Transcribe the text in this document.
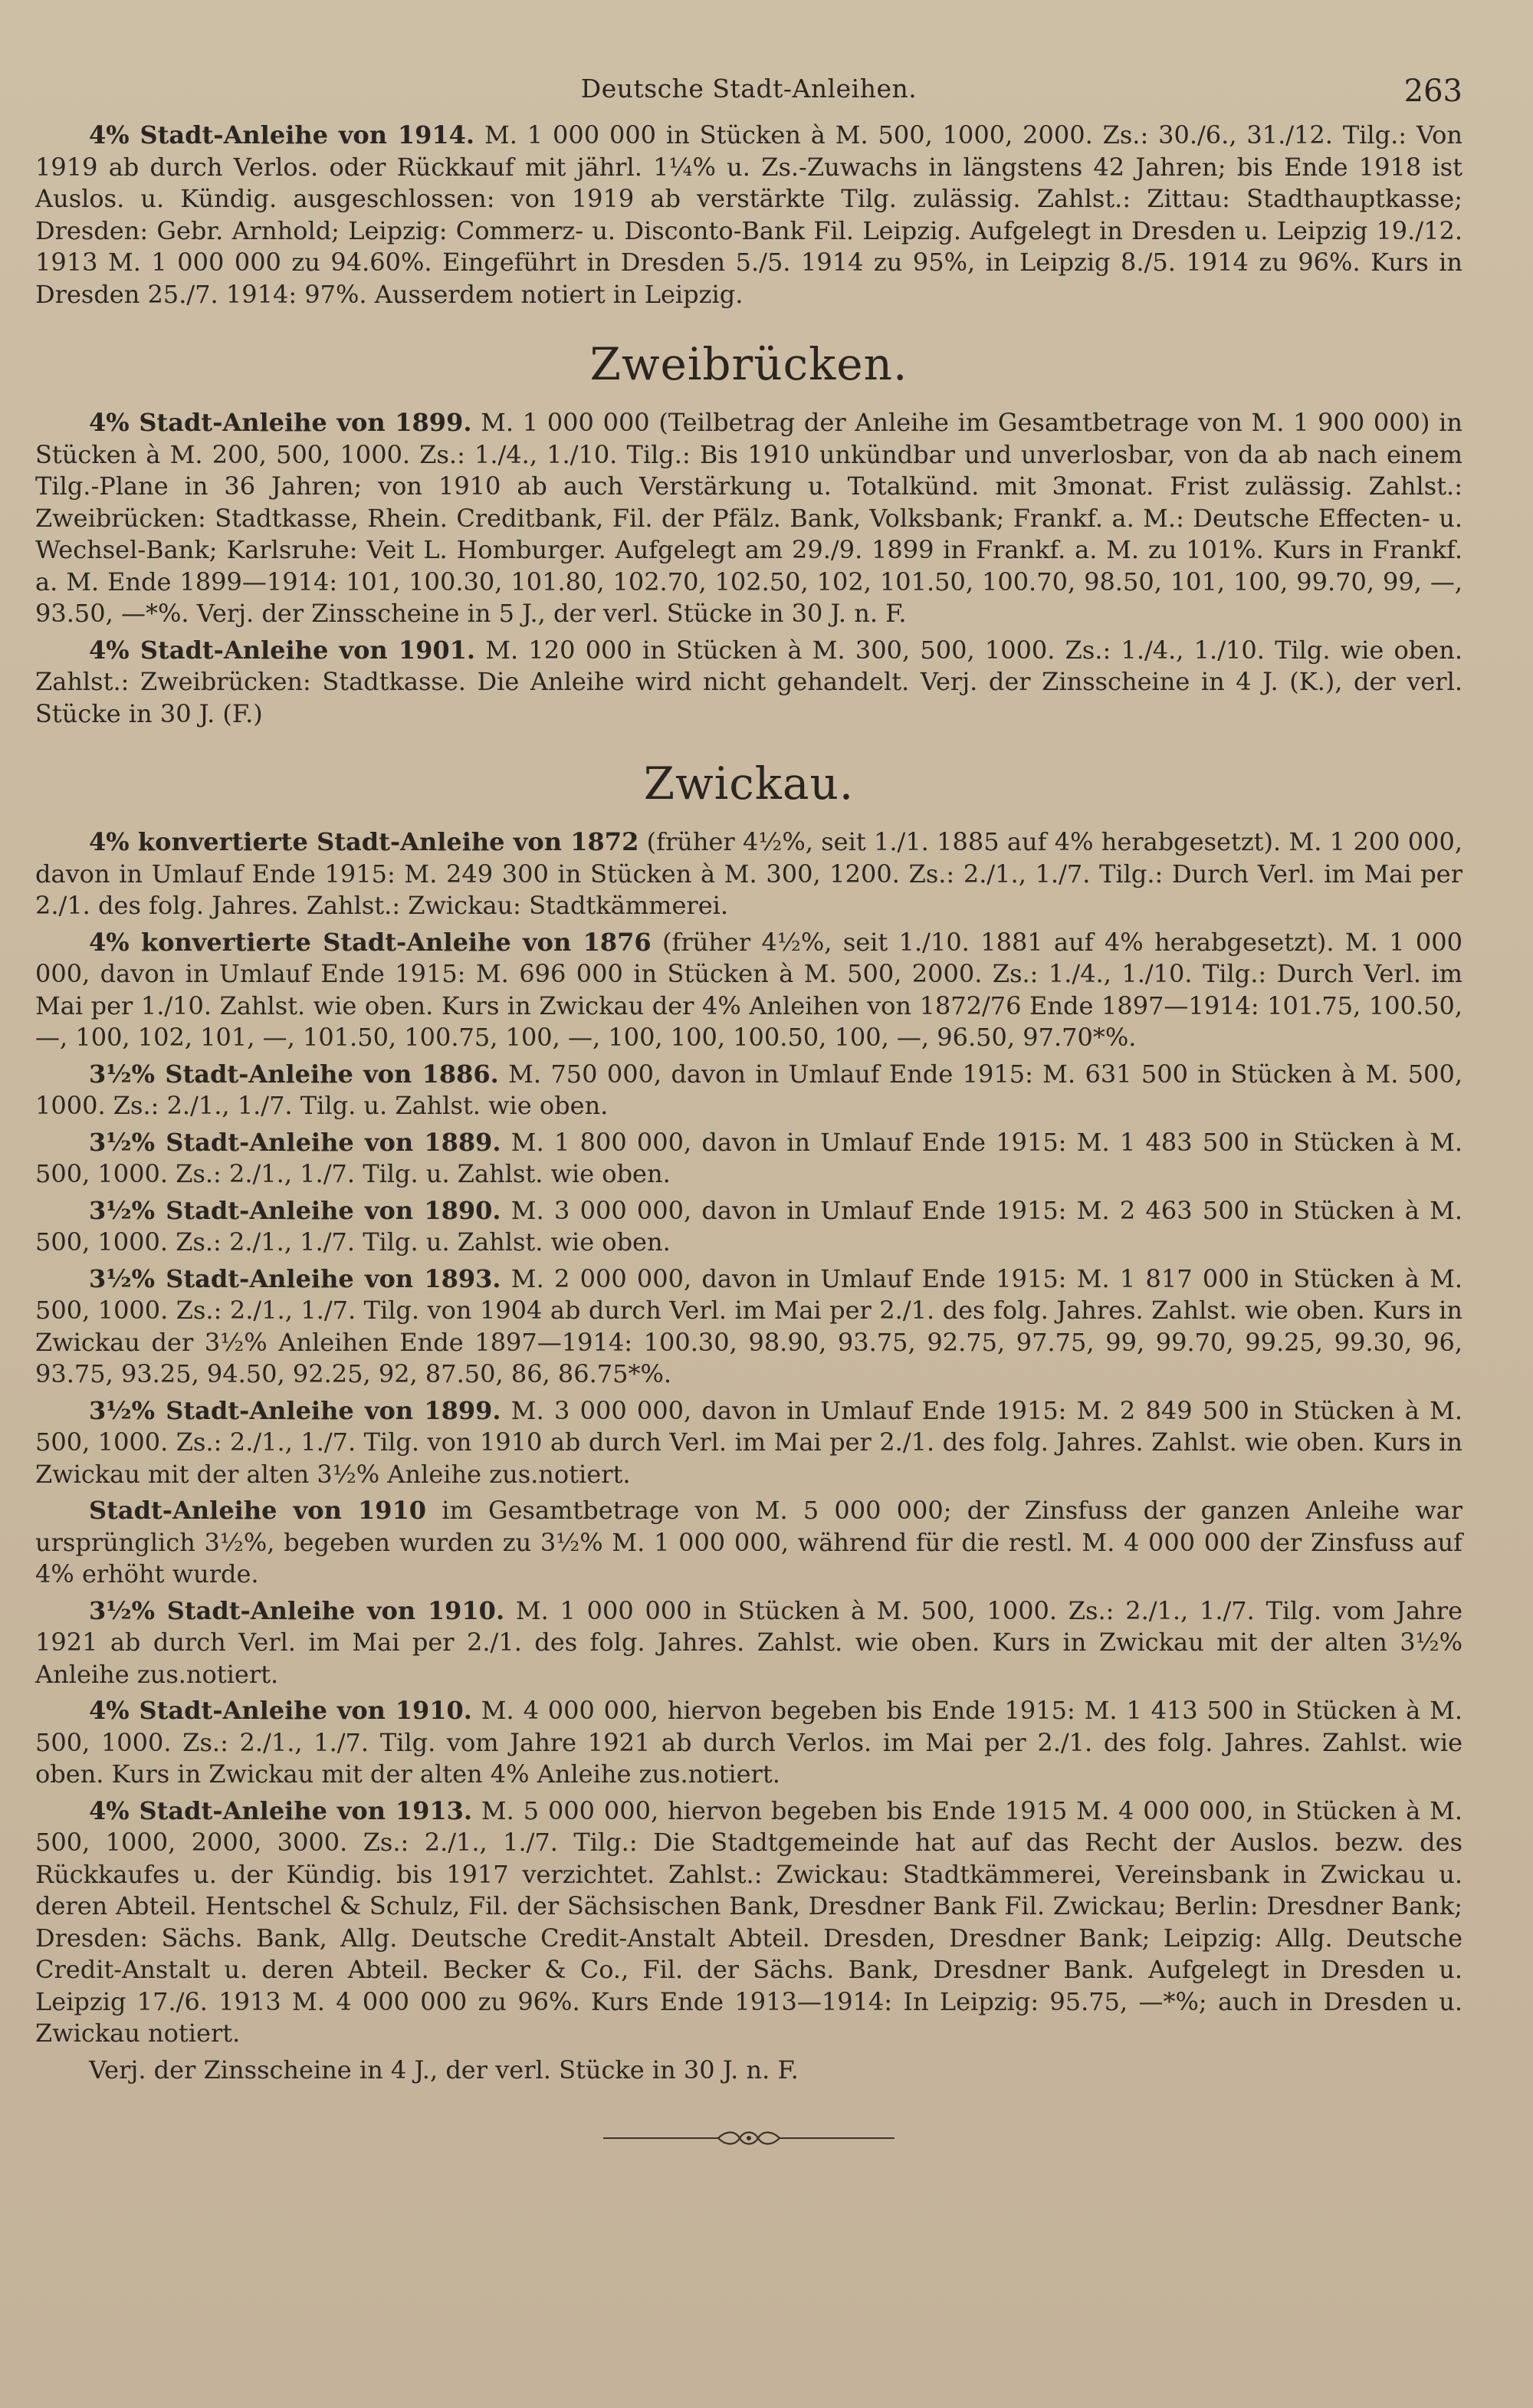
Deutsche Stadt-Anleihen.	263

4% Stadt-Anleihe von 1914. M. 1 000 000 in Stücken à M. 500, 1000, 2000. Zs.: 30./6., 31./12. Tilg.: Von 1919 ab durch Verlos. oder Rückkauf mit jährl. 1¼% u. Zs.-Zuwachs in längstens 42 Jahren; bis Ende 1918 ist Auslos. u. Kündig. ausgeschlossen: von 1919 ab verstärkte Tilg. zulässig. Zahlst.: Zittau: Stadthauptkasse; Dresden: Gebr. Arnhold; Leipzig: Commerz- u. Disconto-Bank Fil. Leipzig. Aufgelegt in Dresden u. Leipzig 19./12. 1913 M. 1 000 000 zu 94.60%. Eingeführt in Dresden 5./5. 1914 zu 95%, in Leipzig 8./5. 1914 zu 96%. Kurs in Dresden 25./7. 1914: 97%. Ausserdem notiert in Leipzig.

Zweibrücken.

4% Stadt-Anleihe von 1899. M. 1 000 000 (Teilbetrag der Anleihe im Gesamtbetrage von M. 1 900 000) in Stücken à M. 200, 500, 1000. Zs.: 1./4., 1./10. Tilg.: Bis 1910 unkündbar und unverlosbar, von da ab nach einem Tilg.-Plane in 36 Jahren; von 1910 ab auch Verstärkung u. Totalkünd. mit 3monat. Frist zulässig. Zahlst.: Zweibrücken: Stadtkasse, Rhein. Creditbank, Fil. der Pfälz. Bank, Volksbank; Frankf. a. M.: Deutsche Effecten- u. Wechsel-Bank; Karlsruhe: Veit L. Homburger. Aufgelegt am 29./9. 1899 in Frankf. a. M. zu 101%. Kurs in Frankf. a. M. Ende 1899—1914: 101, 100.30, 101.80, 102.70, 102.50, 102, 101.50, 100.70, 98.50, 101, 100, 99.70, 99, —, 93.50, —*%. Verj. der Zinsscheine in 5 J., der verl. Stücke in 30 J. n. F.

4% Stadt-Anleihe von 1901. M. 120 000 in Stücken à M. 300, 500, 1000. Zs.: 1./4., 1./10. Tilg. wie oben. Zahlst.: Zweibrücken: Stadtkasse. Die Anleihe wird nicht gehandelt. Verj. der Zinsscheine in 4 J. (K.), der verl. Stücke in 30 J. (F.)

Zwickau.

4% konvertierte Stadt-Anleihe von 1872 (früher 4½%, seit 1./1. 1885 auf 4% herabgesetzt). M. 1 200 000, davon in Umlauf Ende 1915: M. 249 300 in Stücken à M. 300, 1200. Zs.: 2./1., 1./7. Tilg.: Durch Verl. im Mai per 2./1. des folg. Jahres. Zahlst.: Zwickau: Stadtkämmerei.

4% konvertierte Stadt-Anleihe von 1876 (früher 4½%, seit 1./10. 1881 auf 4% herabgesetzt). M. 1 000 000, davon in Umlauf Ende 1915: M. 696 000 in Stücken à M. 500, 2000. Zs.: 1./4., 1./10. Tilg.: Durch Verl. im Mai per 1./10. Zahlst. wie oben. Kurs in Zwickau der 4% Anleihen von 1872/76 Ende 1897—1914: 101.75, 100.50, —, 100, 102, 101, —, 101.50, 100.75, 100, —, 100, 100, 100.50, 100, —, 96.50, 97.70*%.

3½% Stadt-Anleihe von 1886. M. 750 000, davon in Umlauf Ende 1915: M. 631 500 in Stücken à M. 500, 1000. Zs.: 2./1., 1./7. Tilg. u. Zahlst. wie oben.

3½% Stadt-Anleihe von 1889. M. 1 800 000, davon in Umlauf Ende 1915: M. 1 483 500 in Stücken à M. 500, 1000. Zs.: 2./1., 1./7. Tilg. u. Zahlst. wie oben.

3½% Stadt-Anleihe von 1890. M. 3 000 000, davon in Umlauf Ende 1915: M. 2 463 500 in Stücken à M. 500, 1000. Zs.: 2./1., 1./7. Tilg. u. Zahlst. wie oben.

3½% Stadt-Anleihe von 1893. M. 2 000 000, davon in Umlauf Ende 1915: M. 1 817 000 in Stücken à M. 500, 1000. Zs.: 2./1., 1./7. Tilg. von 1904 ab durch Verl. im Mai per 2./1. des folg. Jahres. Zahlst. wie oben. Kurs in Zwickau der 3½% Anleihen Ende 1897—1914: 100.30, 98.90, 93.75, 92.75, 97.75, 99, 99.70, 99.25, 99.30, 96, 93.75, 93.25, 94.50, 92.25, 92, 87.50, 86, 86.75*%.

3½% Stadt-Anleihe von 1899. M. 3 000 000, davon in Umlauf Ende 1915: M. 2 849 500 in Stücken à M. 500, 1000. Zs.: 2./1., 1./7. Tilg. von 1910 ab durch Verl. im Mai per 2./1. des folg. Jahres. Zahlst. wie oben. Kurs in Zwickau mit der alten 3½% Anleihe zus.notiert.

Stadt-Anleihe von 1910 im Gesamtbetrage von M. 5 000 000; der Zinsfuss der ganzen Anleihe war ursprünglich 3½%, begeben wurden zu 3½% M. 1 000 000, während für die restl. M. 4 000 000 der Zinsfuss auf 4% erhöht wurde.

3½% Stadt-Anleihe von 1910. M. 1 000 000 in Stücken à M. 500, 1000. Zs.: 2./1., 1./7. Tilg. vom Jahre 1921 ab durch Verl. im Mai per 2./1. des folg. Jahres. Zahlst. wie oben. Kurs in Zwickau mit der alten 3½% Anleihe zus.notiert.

4% Stadt-Anleihe von 1910. M. 4 000 000, hiervon begeben bis Ende 1915: M. 1 413 500 in Stücken à M. 500, 1000. Zs.: 2./1., 1./7. Tilg. vom Jahre 1921 ab durch Verlos. im Mai per 2./1. des folg. Jahres. Zahlst. wie oben. Kurs in Zwickau mit der alten 4% Anleihe zus.notiert.

4% Stadt-Anleihe von 1913. M. 5 000 000, hiervon begeben bis Ende 1915 M. 4 000 000, in Stücken à M. 500, 1000, 2000, 3000. Zs.: 2./1., 1./7. Tilg.: Die Stadtgemeinde hat auf das Recht der Auslos. bezw. des Rückkaufes u. der Kündig. bis 1917 verzichtet. Zahlst.: Zwickau: Stadtkämmerei, Vereinsbank in Zwickau u. deren Abteil. Hentschel & Schulz, Fil. der Sächsischen Bank, Dresdner Bank Fil. Zwickau; Berlin: Dresdner Bank; Dresden: Sächs. Bank, Allg. Deutsche Credit-Anstalt Abteil. Dresden, Dresdner Bank; Leipzig: Allg. Deutsche Credit-Anstalt u. deren Abteil. Becker & Co., Fil. der Sächs. Bank, Dresdner Bank. Aufgelegt in Dresden u. Leipzig 17./6. 1913 M. 4 000 000 zu 96%. Kurs Ende 1913—1914: In Leipzig: 95.75, —*%; auch in Dresden u. Zwickau notiert.

Verj. der Zinsscheine in 4 J., der verl. Stücke in 30 J. n. F.
